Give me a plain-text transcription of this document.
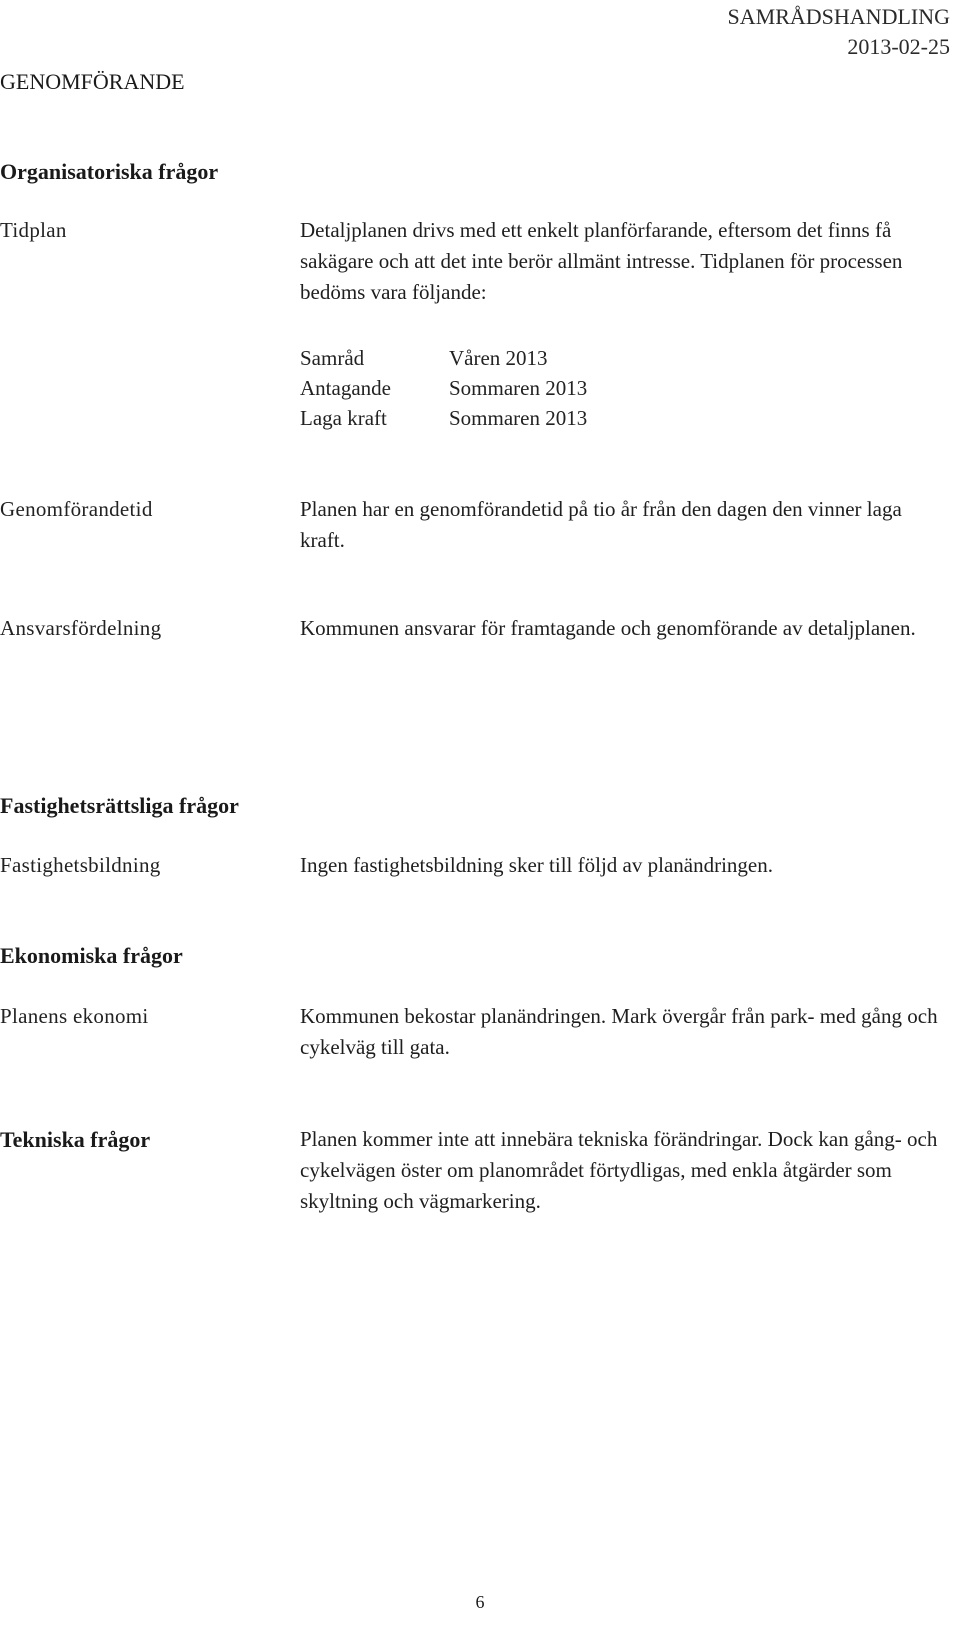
SAMRÅDSHANDLING
2013-02-25
GENOMFÖRANDE
Organisatoriska frågor
Tidplan	Detaljplanen drivs med ett enkelt planförfarande, eftersom det finns få sakägare och att det inte berör allmänt intresse. Tidplanen för processen bedöms vara följande:
Samråd	Våren 2013
Antagande	Sommaren 2013
Laga kraft	Sommaren 2013
Genomförandetid	Planen har en genomförandetid på tio år från den dagen den vinner laga kraft.
Ansvarsfördelning	Kommunen ansvarar för framtagande och genomförande av detaljplanen.
Fastighetsrättsliga frågor
Fastighetsbildning	Ingen fastighetsbildning sker till följd av planändringen.
Ekonomiska frågor
Planens ekonomi	Kommunen bekostar planändringen. Mark övergår från park- med gång och cykelväg till gata.
Tekniska frågor	Planen kommer inte att innebära tekniska förändringar. Dock kan gång- och cykelvägen öster om planområdet förtydligas, med enkla åtgärder som skyltning och vägmarkering.
6
